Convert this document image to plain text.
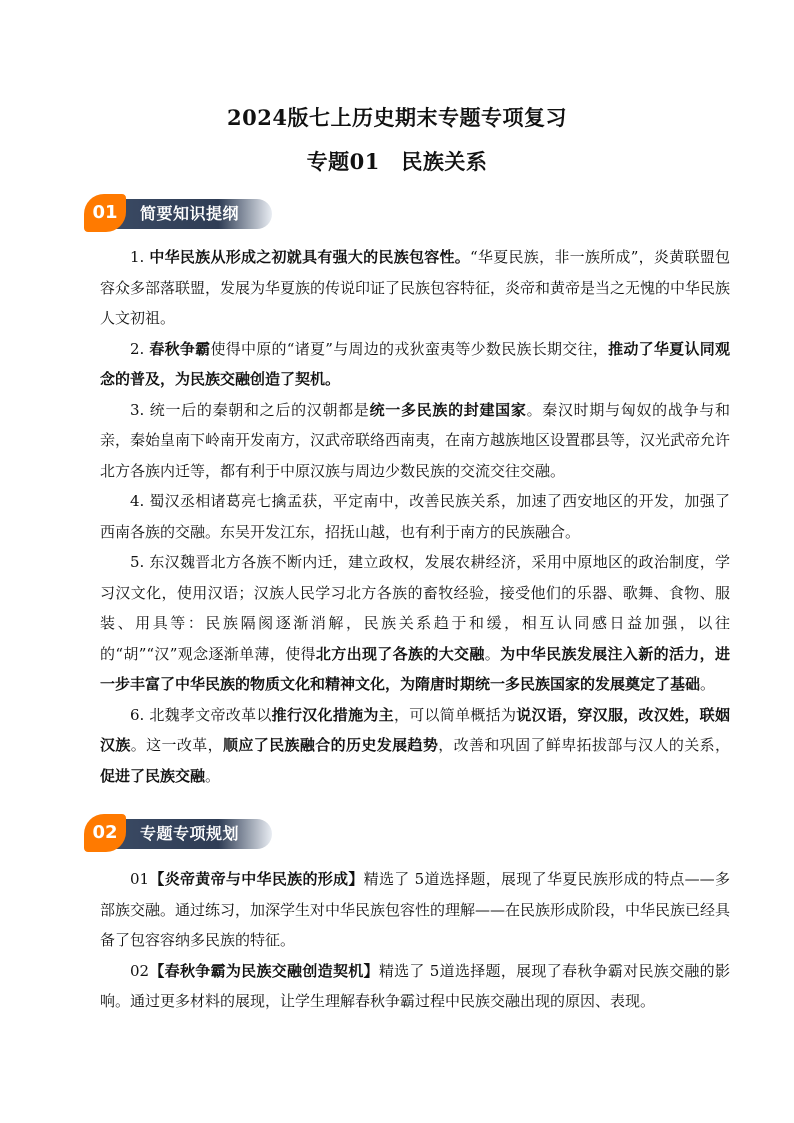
2024版七上历史期末专题专项复习
专题01　民族关系
01	简要知识提纲

1. 中华民族从形成之初就具有强大的民族包容性。“华夏民族，非一族所成”，炎黄联盟包容众多部落联盟，发展为华夏族的传说印证了民族包容特征，炎帝和黄帝是当之无愧的中华民族人文初祖。

2. 春秋争霸使得中原的“诸夏”与周边的戎狄蛮夷等少数民族长期交往，推动了华夏认同观念的普及，为民族交融创造了契机。

3. 统一后的秦朝和之后的汉朝都是统一多民族的封建国家。秦汉时期与匈奴的战争与和亲，秦始皇南下岭南开发南方，汉武帝联络西南夷，在南方越族地区设置郡县等，汉光武帝允许北方各族内迁等，都有利于中原汉族与周边少数民族的交流交往交融。

4. 蜀汉丞相诸葛亮七擒孟获，平定南中，改善民族关系，加速了西安地区的开发，加强了西南各族的交融。东吴开发江东，招抚山越，也有利于南方的民族融合。

5. 东汉魏晋北方各族不断内迁，建立政权，发展农耕经济，采用中原地区的政治制度，学习汉文化，使用汉语；汉族人民学习北方各族的畜牧经验，接受他们的乐器、歌舞、食物、服装、用具等：民族隔阂逐渐消解，民族关系趋于和缓，相互认同感日益加强，以往的“胡”“汉”观念逐渐单薄，使得北方出现了各族的大交融。为中华民族发展注入新的活力，进一步丰富了中华民族的物质文化和精神文化，为隋唐时期统一多民族国家的发展奠定了基础。

6. 北魏孝文帝改革以推行汉化措施为主，可以简单概括为说汉语，穿汉服，改汉姓，联姻汉族。这一改革，顺应了民族融合的历史发展趋势，改善和巩固了鲜卑拓拔部与汉人的关系，促进了民族交融。

02	专题专项规划

01【炎帝黄帝与中华民族的形成】精选了 5道选择题，展现了华夏民族形成的特点——多部族交融。通过练习，加深学生对中华民族包容性的理解——在民族形成阶段，中华民族已经具备了包容容纳多民族的特征。

02【春秋争霸为民族交融创造契机】精选了 5道选择题，展现了春秋争霸对民族交融的影响。通过更多材料的展现，让学生理解春秋争霸过程中民族交融出现的原因、表现。
